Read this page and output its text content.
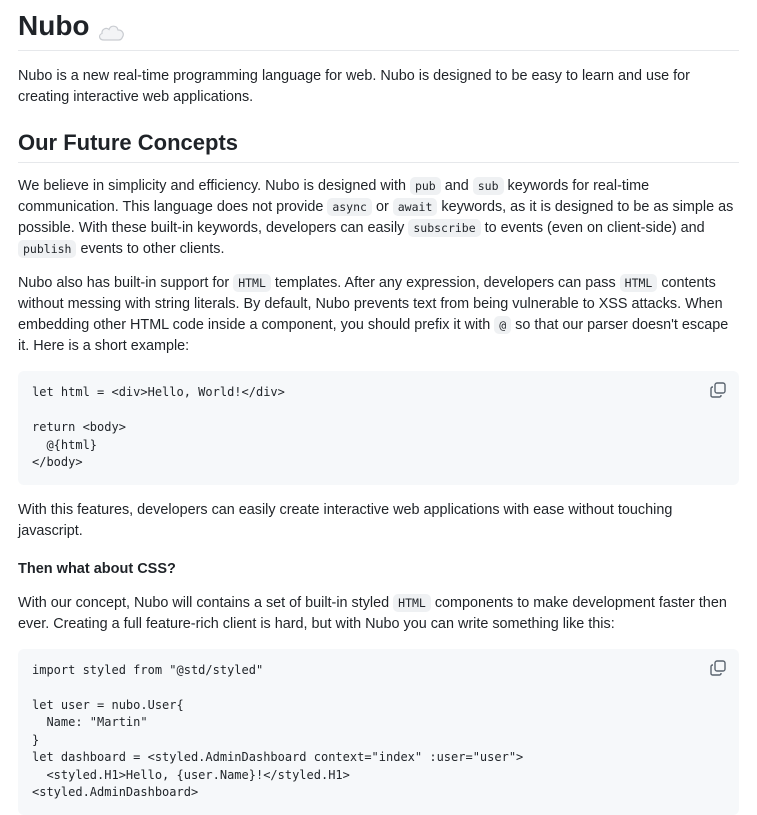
Nubo

Nubo is a new real-time programming language for web. Nubo is designed to be easy to learn and use for creating interactive web applications.

Our Future Concepts

We believe in simplicity and efficiency. Nubo is designed with pub and sub keywords for real-time communication. This language does not provide async or await keywords, as it is designed to be as simple as possible. With these built-in keywords, developers can easily subscribe to events (even on client-side) and publish events to other clients.

Nubo also has built-in support for HTML templates. After any expression, developers can pass HTML contents without messing with string literals. By default, Nubo prevents text from being vulnerable to XSS attacks. When embedding other HTML code inside a component, you should prefix it with @ so that our parser doesn't escape it. Here is a short example:

let html = <div>Hello, World!</div>

return <body>
@{html}
</body>

With this features, developers can easily create interactive web applications with ease without touching javascript.

Then what about CSS?

With our concept, Nubo will contains a set of built-in styled HTML components to make development faster then ever. Creating a full feature-rich client is hard, but with Nubo you can write something like this:

import styled from "@std/styled"

let user = nubo.User{
Name: "Martin"
}
let dashboard = <styled.AdminDashboard context="index" :user="user">
<styled.H1>Hello, {user.Name}!</styled.H1>
<styled.AdminDashboard>
